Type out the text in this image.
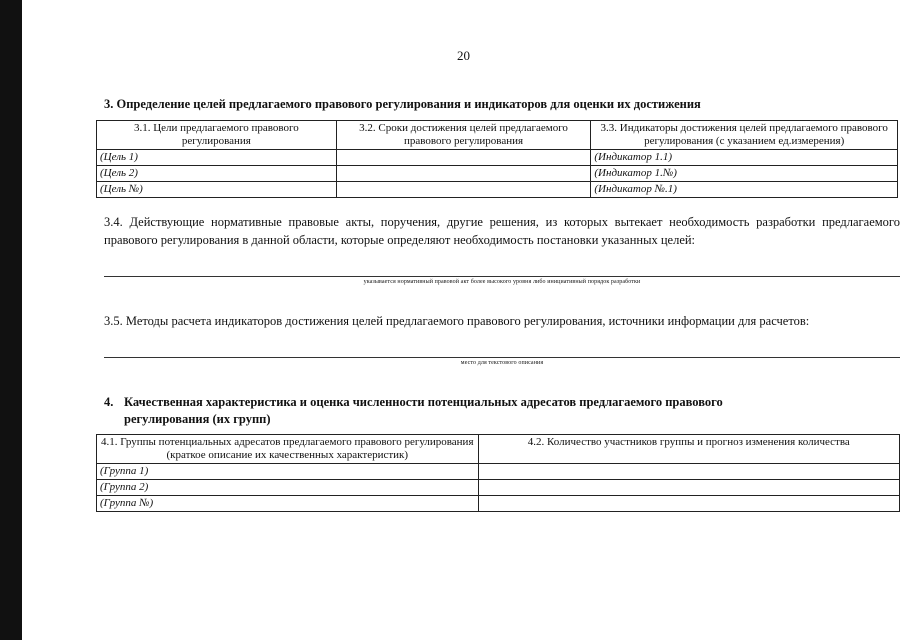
20
3. Определение целей предлагаемого правового регулирования и индикаторов для оценки их достижения
3.1. Цели предлагаемого правового регулирования	3.2. Сроки достижения целей предлагаемого правового регулирования	3.3. Индикаторы достижения целей предлагаемого правового регулирования (с указанием ед.измерения)
(Цель 1)		(Индикатор 1.1)
(Цель 2)		(Индикатор 1.№)
(Цель №)		(Индикатор №.1)
3.4. Действующие нормативные правовые акты, поручения, другие решения, из которых вытекает необходимость разработки предлагаемого правового регулирования в данной области, которые определяют необходимость постановки указанных целей:
указывается нормативный правовой акт более высокого уровня либо инициативный порядок разработки
3.5. Методы расчета индикаторов достижения целей предлагаемого правового регулирования, источники информации для расчетов:
место для текстового описания
4. Качественная характеристика и оценка численности потенциальных адресатов предлагаемого правового
регулирования (их групп)
4.1. Группы потенциальных адресатов предлагаемого правового регулирования (краткое описание их качественных характеристик)	4.2. Количество участников группы и прогноз изменения количества
(Группа 1)	
(Группа 2)	
(Группа №)	
